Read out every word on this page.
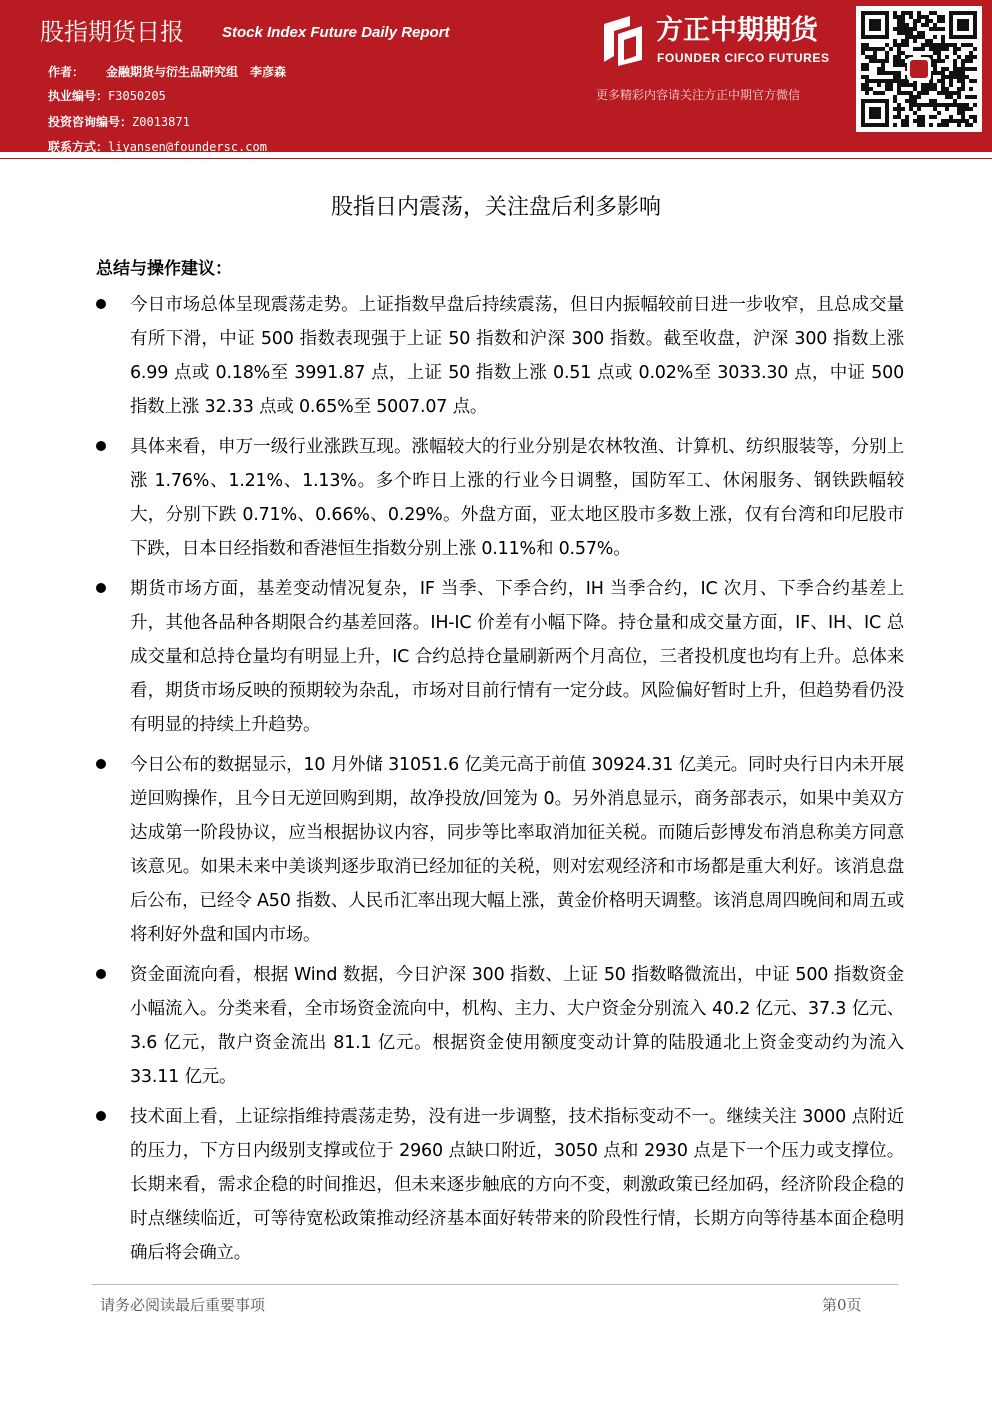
股指期货日报	Stock Index Future Daily Report
作者： 金融期货与衍生品研究组　李彦森
执业编号：F3050205
投资咨询编号：Z0013871
联系方式：liyansen@foundersc.com
方正中期期货
FOUNDER CIFCO FUTURES
更多精彩内容请关注方正中期官方微信
股指日内震荡，关注盘后利多影响
总结与操作建议：
今日市场总体呈现震荡走势。上证指数早盘后持续震荡，但日内振幅较前日进一步收窄，且总成交量有所下滑，中证 500 指数表现强于上证 50 指数和沪深 300 指数。截至收盘，沪深 300 指数上涨 6.99 点或 0.18%至 3991.87 点，上证 50 指数上涨 0.51 点或 0.02%至 3033.30 点，中证 500 指数上涨 32.33 点或 0.65%至 5007.07 点。
具体来看，申万一级行业涨跌互现。涨幅较大的行业分别是农林牧渔、计算机、纺织服装等，分别上涨 1.76%、1.21%、1.13%。多个昨日上涨的行业今日调整，国防军工、休闲服务、钢铁跌幅较大，分别下跌 0.71%、0.66%、0.29%。外盘方面，亚太地区股市多数上涨，仅有台湾和印尼股市下跌，日本日经指数和香港恒生指数分别上涨 0.11%和 0.57%。
期货市场方面，基差变动情况复杂，IF 当季、下季合约，IH 当季合约，IC 次月、下季合约基差上升，其他各品种各期限合约基差回落。IH-IC 价差有小幅下降。持仓量和成交量方面，IF、IH、IC 总成交量和总持仓量均有明显上升，IC 合约总持仓量刷新两个月高位，三者投机度也均有上升。总体来看，期货市场反映的预期较为杂乱，市场对目前行情有一定分歧。风险偏好暂时上升，但趋势看仍没有明显的持续上升趋势。
今日公布的数据显示，10 月外储 31051.6 亿美元高于前值 30924.31 亿美元。同时央行日内未开展逆回购操作，且今日无逆回购到期，故净投放/回笼为 0。另外消息显示，商务部表示，如果中美双方达成第一阶段协议，应当根据协议内容，同步等比率取消加征关税。而随后彭博发布消息称美方同意该意见。如果未来中美谈判逐步取消已经加征的关税，则对宏观经济和市场都是重大利好。该消息盘后公布，已经令 A50 指数、人民币汇率出现大幅上涨，黄金价格明天调整。该消息周四晚间和周五或将利好外盘和国内市场。
资金面流向看，根据 Wind 数据，今日沪深 300 指数、上证 50 指数略微流出，中证 500 指数资金小幅流入。分类来看，全市场资金流向中，机构、主力、大户资金分别流入 40.2 亿元、37.3 亿元、3.6 亿元，散户资金流出 81.1 亿元。根据资金使用额度变动计算的陆股通北上资金变动约为流入 33.11 亿元。
技术面上看，上证综指维持震荡走势，没有进一步调整，技术指标变动不一。继续关注 3000 点附近的压力，下方日内级别支撑或位于 2960 点缺口附近，3050 点和 2930 点是下一个压力或支撑位。长期来看，需求企稳的时间推迟，但未来逐步触底的方向不变，刺激政策已经加码，经济阶段企稳的时点继续临近，可等待宽松政策推动经济基本面好转带来的阶段性行情，长期方向等待基本面企稳明确后将会确立。
请务必阅读最后重要事项	第0页
